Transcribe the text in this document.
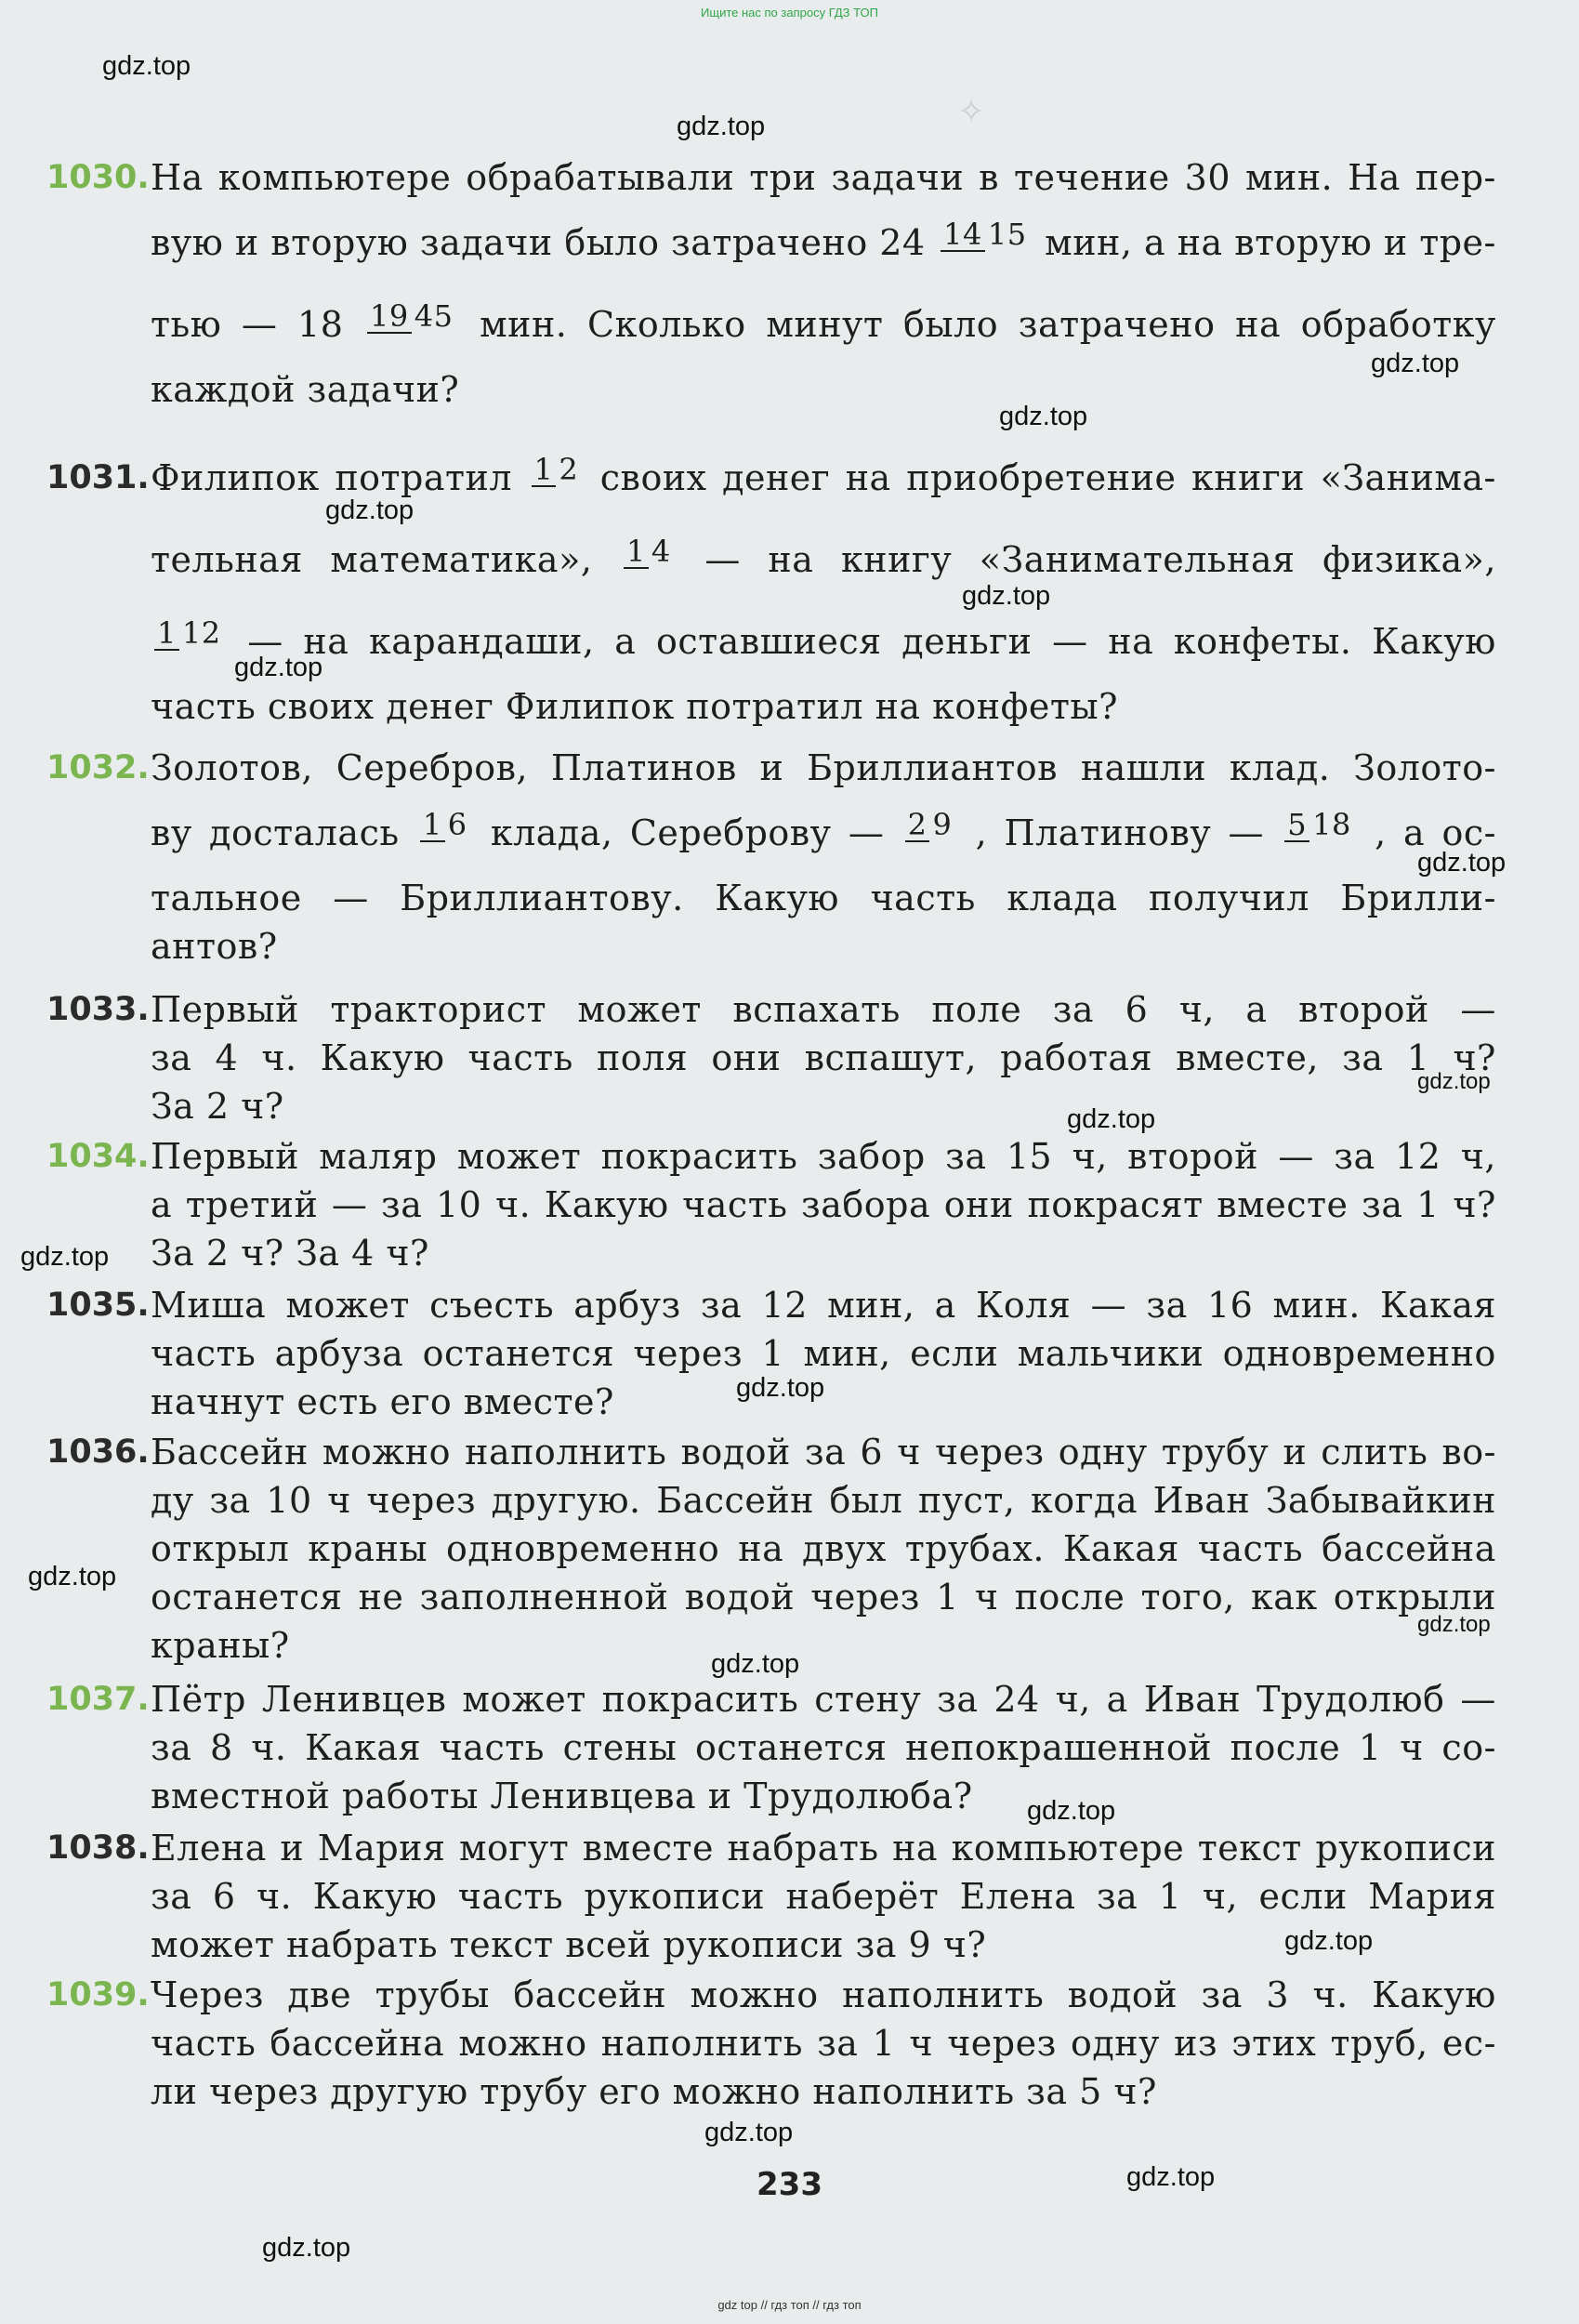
Ищите нас по запросу ГДЗ ТОП
✧
gdz.top
gdz.top
gdz.top
gdz.top
gdz.top
gdz.top
gdz.top
gdz.top
gdz.top
gdz.top
gdz.top
gdz.top
gdz.top
gdz.top
gdz.top
gdz.top
gdz.top
gdz.top
gdz.top
gdz.top
1030. На компьютере обрабатывали три задачи в течение 30 мин. На пер-
вую и вторую задачи было затрачено 24 14 15 мин, а на вторую и тре-
тью — 18 19 45 мин. Сколько минут было затрачено на обработку
каждой задачи?
1031. Филипок потратил 1 2 своих денег на приобретение книги «Занима-
тельная математика», 1 4 — на книгу «Занимательная физика»,
1 12 — на карандаши, а оставшиеся деньги — на конфеты. Какую
часть своих денег Филипок потратил на конфеты?
1032. Золотов, Серебров, Платинов и Бриллиантов нашли клад. Золото-
ву досталась 1 6 клада, Сереброву — 2 9 , Платинову — 5 18 , а ос-
тальное — Бриллиантову. Какую часть клада получил Брилли-
антов?
1033. Первый тракторист может вспахать поле за 6 ч, а второй —
за 4 ч. Какую часть поля они вспашут, работая вместе, за 1 ч?
За 2 ч?
1034. Первый маляр может покрасить забор за 15 ч, второй — за 12 ч,
а третий — за 10 ч. Какую часть забора они покрасят вместе за 1 ч?
За 2 ч? За 4 ч?
1035. Миша может съесть арбуз за 12 мин, а Коля — за 16 мин. Какая
часть арбуза останется через 1 мин, если мальчики одновременно
начнут есть его вместе?
1036. Бассейн можно наполнить водой за 6 ч через одну трубу и слить во-
ду за 10 ч через другую. Бассейн был пуст, когда Иван Забывайкин
открыл краны одновременно на двух трубах. Какая часть бассейна
останется не заполненной водой через 1 ч после того, как открыли
краны?
1037. Пётр Ленивцев может покрасить стену за 24 ч, а Иван Трудолюб —
за 8 ч. Какая часть стены останется непокрашенной после 1 ч со-
вместной работы Ленивцева и Трудолюба?
1038. Елена и Мария могут вместе набрать на компьютере текст рукописи
за 6 ч. Какую часть рукописи наберёт Елена за 1 ч, если Мария
может набрать текст всей рукописи за 9 ч?
1039. Через две трубы бассейн можно наполнить водой за 3 ч. Какую
часть бассейна можно наполнить за 1 ч через одну из этих труб, ес-
ли через другую трубу его можно наполнить за 5 ч?
233
gdz top // гдз топ // гдз топ
